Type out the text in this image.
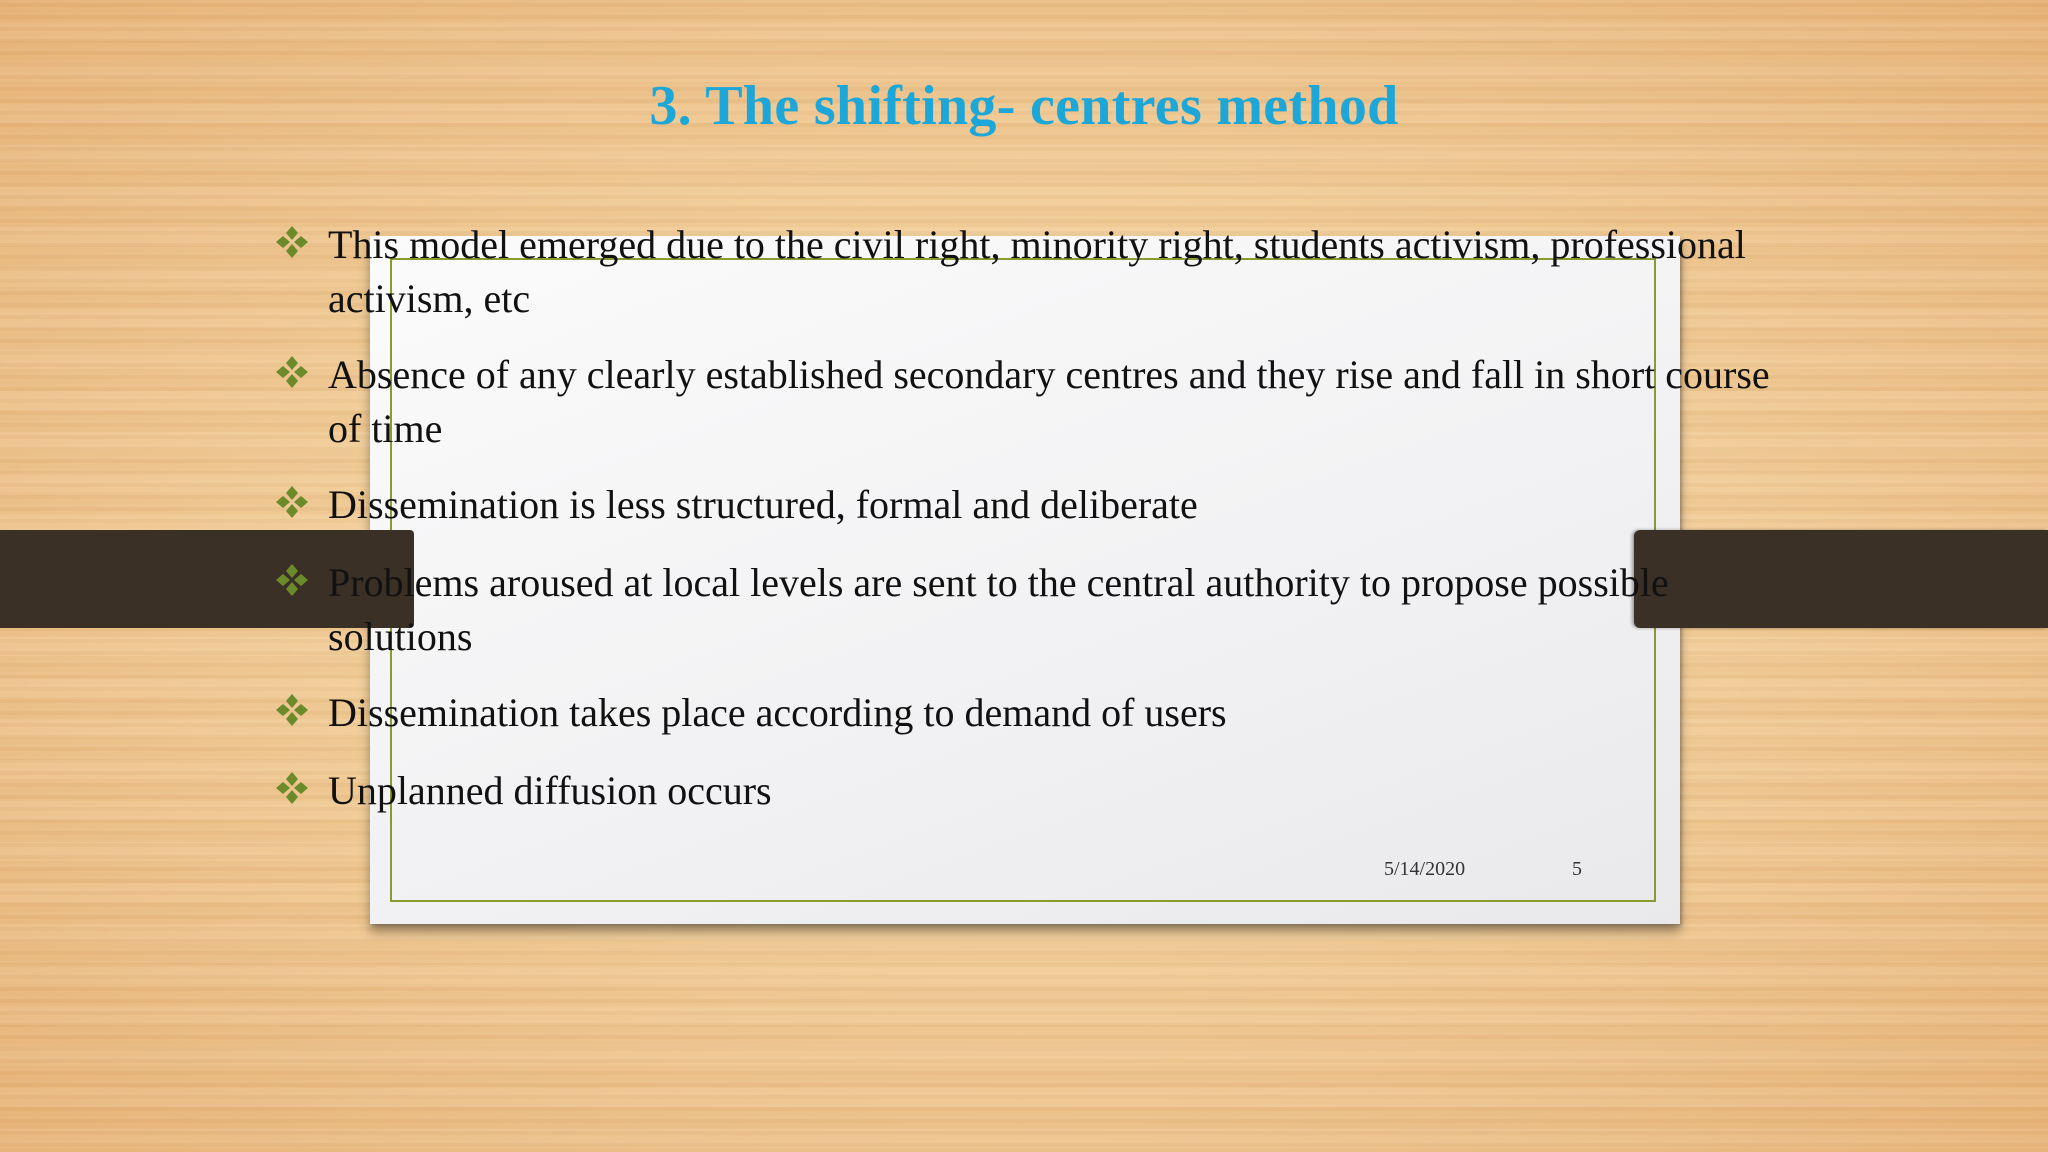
3. The shifting- centres method
This model emerged due to the civil right, minority right, students activism, professional activism, etc
Absence of any clearly established secondary centres and they rise and fall in short course of time
Dissemination is less structured, formal and deliberate
Problems aroused at local levels are sent to the central authority to propose possible solutions
Dissemination takes place according to demand of users
Unplanned diffusion occurs
5/14/2020	5
